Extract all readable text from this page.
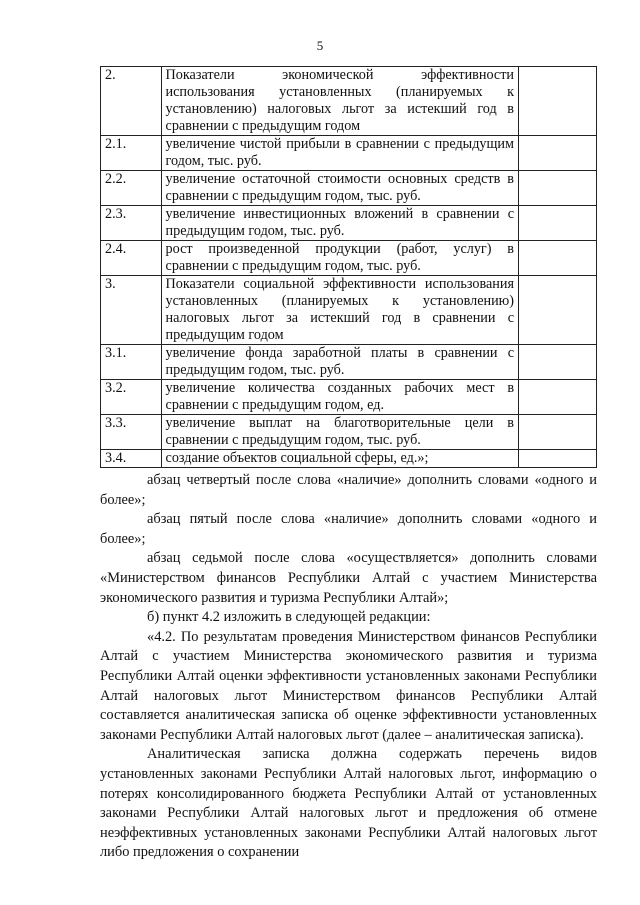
5
2.	Показатели экономической эффективности использования установленных (планируемых к установлению) налоговых льгот за истекший год в сравнении с предыдущим годом	
2.1.	увеличение чистой прибыли в сравнении с предыдущим годом, тыс. руб.	
2.2.	увеличение остаточной стоимости основных средств в сравнении с предыдущим годом, тыс. руб.	
2.3.	увеличение инвестиционных вложений в сравнении с предыдущим годом, тыс. руб.	
2.4.	рост произведенной продукции (работ, услуг) в сравнении с предыдущим годом, тыс. руб.	
3.	Показатели социальной эффективности использования установленных (планируемых к установлению) налоговых льгот за истекший год в сравнении с предыдущим годом	
3.1.	увеличение фонда заработной платы в сравнении с предыдущим годом, тыс. руб.	
3.2.	увеличение количества созданных рабочих мест в сравнении с предыдущим годом, ед.	
3.3.	увеличение выплат на благотворительные цели в сравнении с предыдущим годом, тыс. руб.	
3.4.	создание объектов социальной сферы, ед.»;	

абзац четвертый после слова «наличие» дополнить словами «одного и более»;

абзац пятый после слова «наличие» дополнить словами «одного и более»;

абзац седьмой после слова «осуществляется» дополнить словами «Министерством финансов Республики Алтай с участием Министерства экономического развития и туризма Республики Алтай»;

б) пункт 4.2 изложить в следующей редакции:

«4.2. По результатам проведения Министерством финансов Республики Алтай с участием Министерства экономического развития и туризма Республики Алтай оценки эффективности установленных законами Республики Алтай налоговых льгот Министерством финансов Республики Алтай составляется аналитическая записка об оценке эффективности установленных законами Республики Алтай налоговых льгот (далее – аналитическая записка).

Аналитическая записка должна содержать перечень видов установленных законами Республики Алтай налоговых льгот, информацию о потерях консолидированного бюджета Республики Алтай от установленных законами Республики Алтай налоговых льгот и предложения об отмене неэффективных установленных законами Республики Алтай налоговых льгот либо предложения о сохранении
